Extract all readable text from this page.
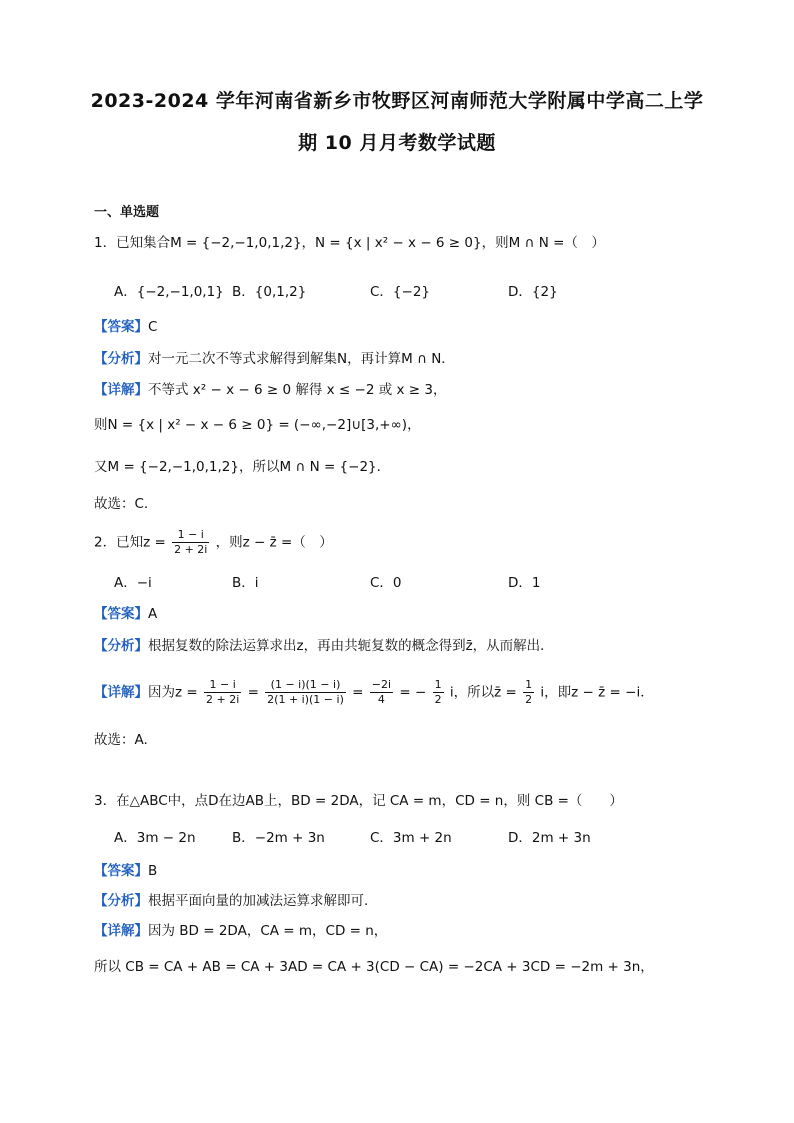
2023-2024 学年河南省新乡市牧野区河南师范大学附属中学高二上学
期 10 月月考数学试题
一、单选题
1．已知集合M = {−2,−1,0,1,2}，N = {x | x² − x − 6 ≥ 0}，则M ∩ N =（　）
A．{−2,−1,0,1} B．{0,1,2}	C．{−2}	D．{2}
【答案】C
【分析】对一元二次不等式求解得到解集N，再计算M ∩ N．
【详解】不等式 x² − x − 6 ≥ 0 解得 x ≤ −2 或 x ≥ 3，
则N = {x | x² − x − 6 ≥ 0} = (−∞,−2]∪[3,+∞)，
又M = {−2,−1,0,1,2}，所以M ∩ N = {−2}．
故选：C.
2．已知$z = \frac{1 - i}{2 + 2i}$ ，则z − z̄ =（　）
A．−i	B．i	C．0	D．1
【答案】A
【分析】根据复数的除法运算求出z，再由共轭复数的概念得到z̄，从而解出．
【详解】因为$z = \frac{1 - i}{2 + 2i} = \frac{(1 - i)(1 - i)}{2(1 + i)(1 - i)} = \frac{-2i}{4}$ = − $\frac{1}{2}$ i，所以z̄ = $\frac{1}{2}$ i，即z − z̄ = −i．
故选：A.
3．在△ABC中，点D在边AB上，BD = 2DA，记 CA = m，CD = n，则 CB =（　　）
A．3m − 2n	B．−2m + 3n	C．3m + 2n	D．2m + 3n
【答案】B
【分析】根据平面向量的加减法运算求解即可.
【详解】因为 BD = 2DA，CA = m，CD = n，
所以 CB = CA + AB = CA + 3AD = CA + 3(CD − CA) = −2CA + 3CD = −2m + 3n，
